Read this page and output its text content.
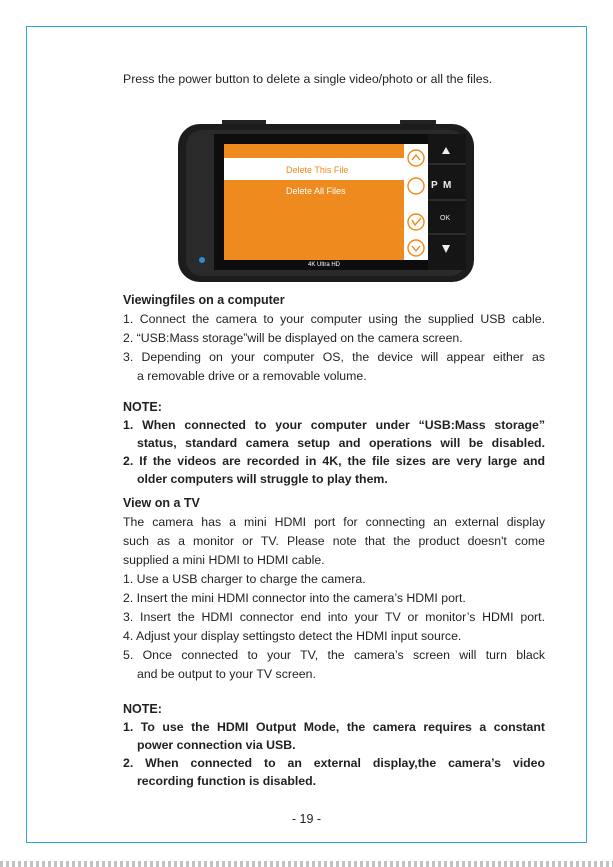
Press the power button to delete a single video/photo or all the files.

P M
OK
Delete This File
Delete All Files
4K Ultra HD

Viewingfiles on a computer

1. Connect the camera to your computer using the supplied USB cable.

2. “USB:Mass storage”will be displayed on the camera screen.

3. Depending on your computer OS, the device will appear either as

a removable drive or a removable volume.

NOTE:

1. When connected to your computer under “USB:Mass storage”

status, standard camera setup and operations will be disabled.

2. If the videos are recorded in 4K, the file sizes are very large and

older computers will struggle to play them.

View on a TV

The camera has a mini HDMI port for connecting an external display

such as a monitor or TV. Please note that the product doesn't come

supplied a mini HDMI to HDMI cable.

1. Use a USB charger to charge the camera.

2. Insert the mini HDMI connector into the camera’s HDMI port.

3. Insert the HDMI connector end into your TV or monitor’s HDMI port.

4. Adjust your display settingsto detect the HDMI input source.

5. Once connected to your TV, the camera’s screen will turn black

and be output to your TV screen.

NOTE:

1. To use the HDMI Output Mode, the camera requires a constant

power connection via USB.

2. When connected to an external display,the camera’s video

recording function is disabled.

- 19 -
